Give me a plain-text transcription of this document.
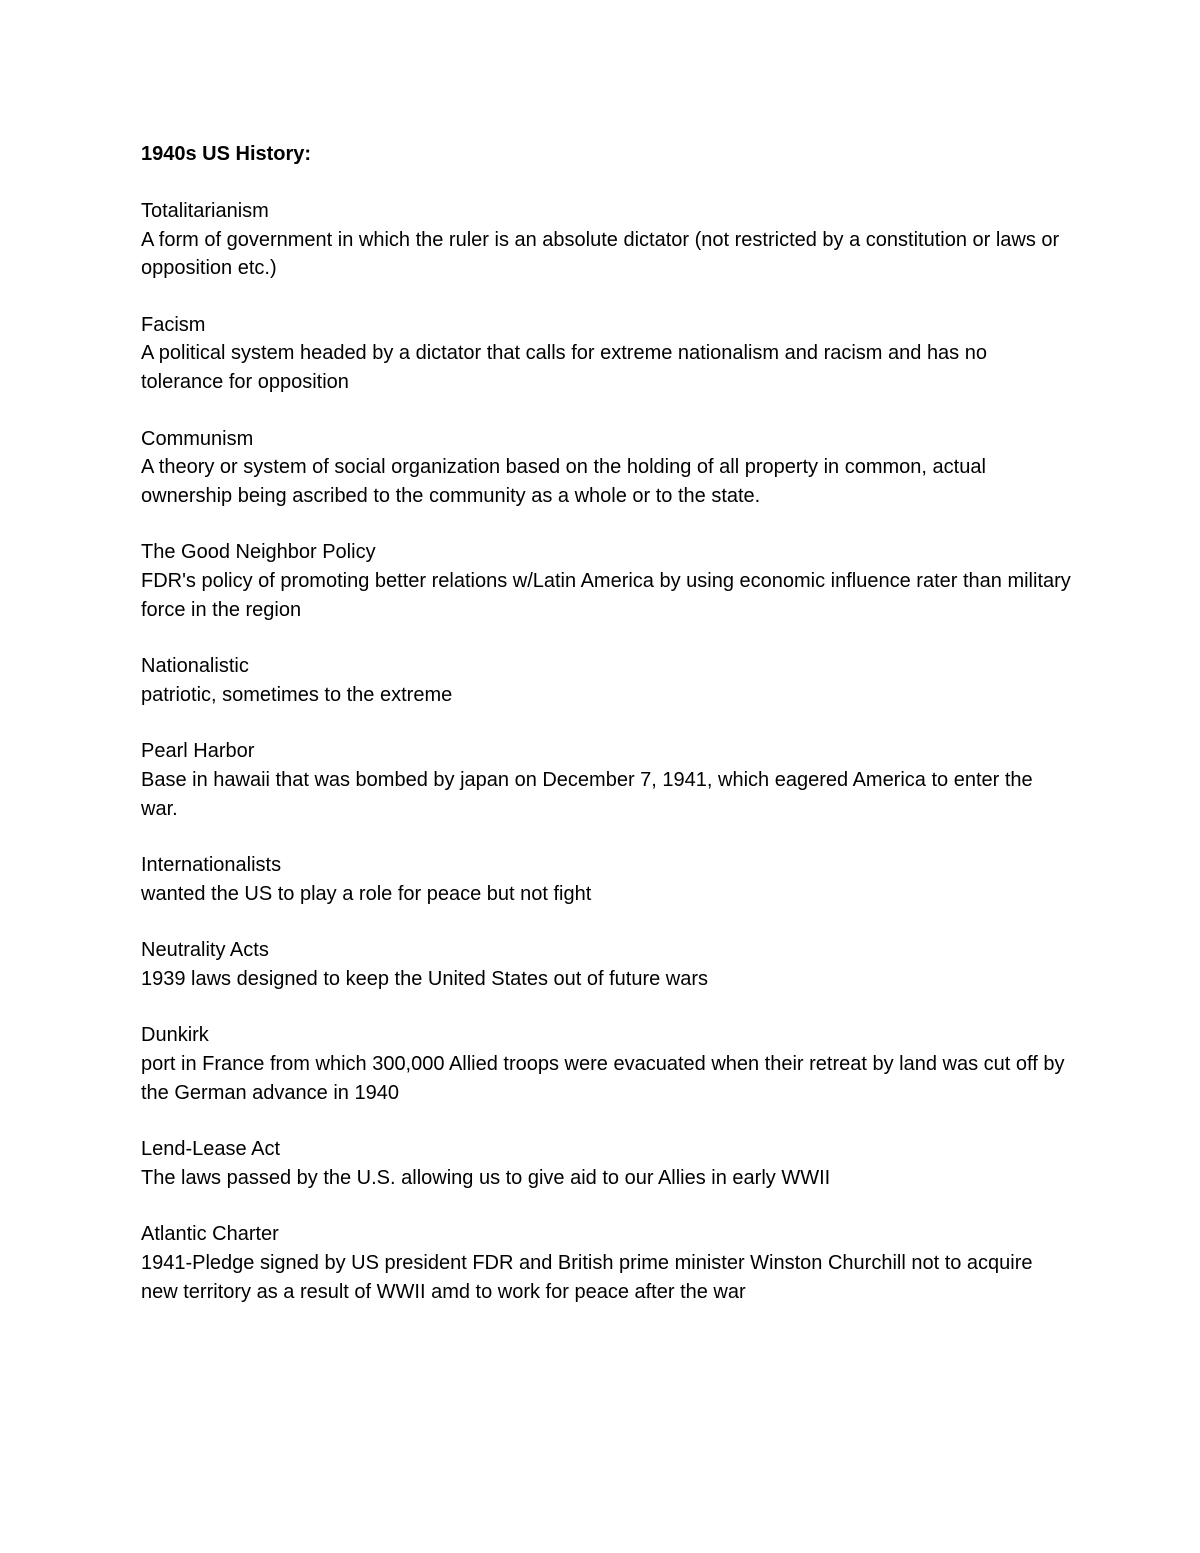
1940s US History:

Totalitarianism

A form of government in which the ruler is an absolute dictator (not restricted by a constitution or laws or opposition etc.)

Facism

A political system headed by a dictator that calls for extreme nationalism and racism and has no tolerance for opposition

Communism

A theory or system of social organization based on the holding of all property in common, actual ownership being ascribed to the community as a whole or to the state.

The Good Neighbor Policy

FDR's policy of promoting better relations w/Latin America by using economic influence rater than military force in the region

Nationalistic

patriotic, sometimes to the extreme

Pearl Harbor

Base in hawaii that was bombed by japan on December 7, 1941, which eagered America to enter the war.

Internationalists

wanted the US to play a role for peace but not fight

Neutrality Acts

1939 laws designed to keep the United States out of future wars

Dunkirk

port in France from which 300,000 Allied troops were evacuated when their retreat by land was cut off by the German advance in 1940

Lend-Lease Act

The laws passed by the U.S. allowing us to give aid to our Allies in early WWII

Atlantic Charter

1941-Pledge signed by US president FDR and British prime minister Winston Churchill not to acquire new territory as a result of WWII amd to work for peace after the war
